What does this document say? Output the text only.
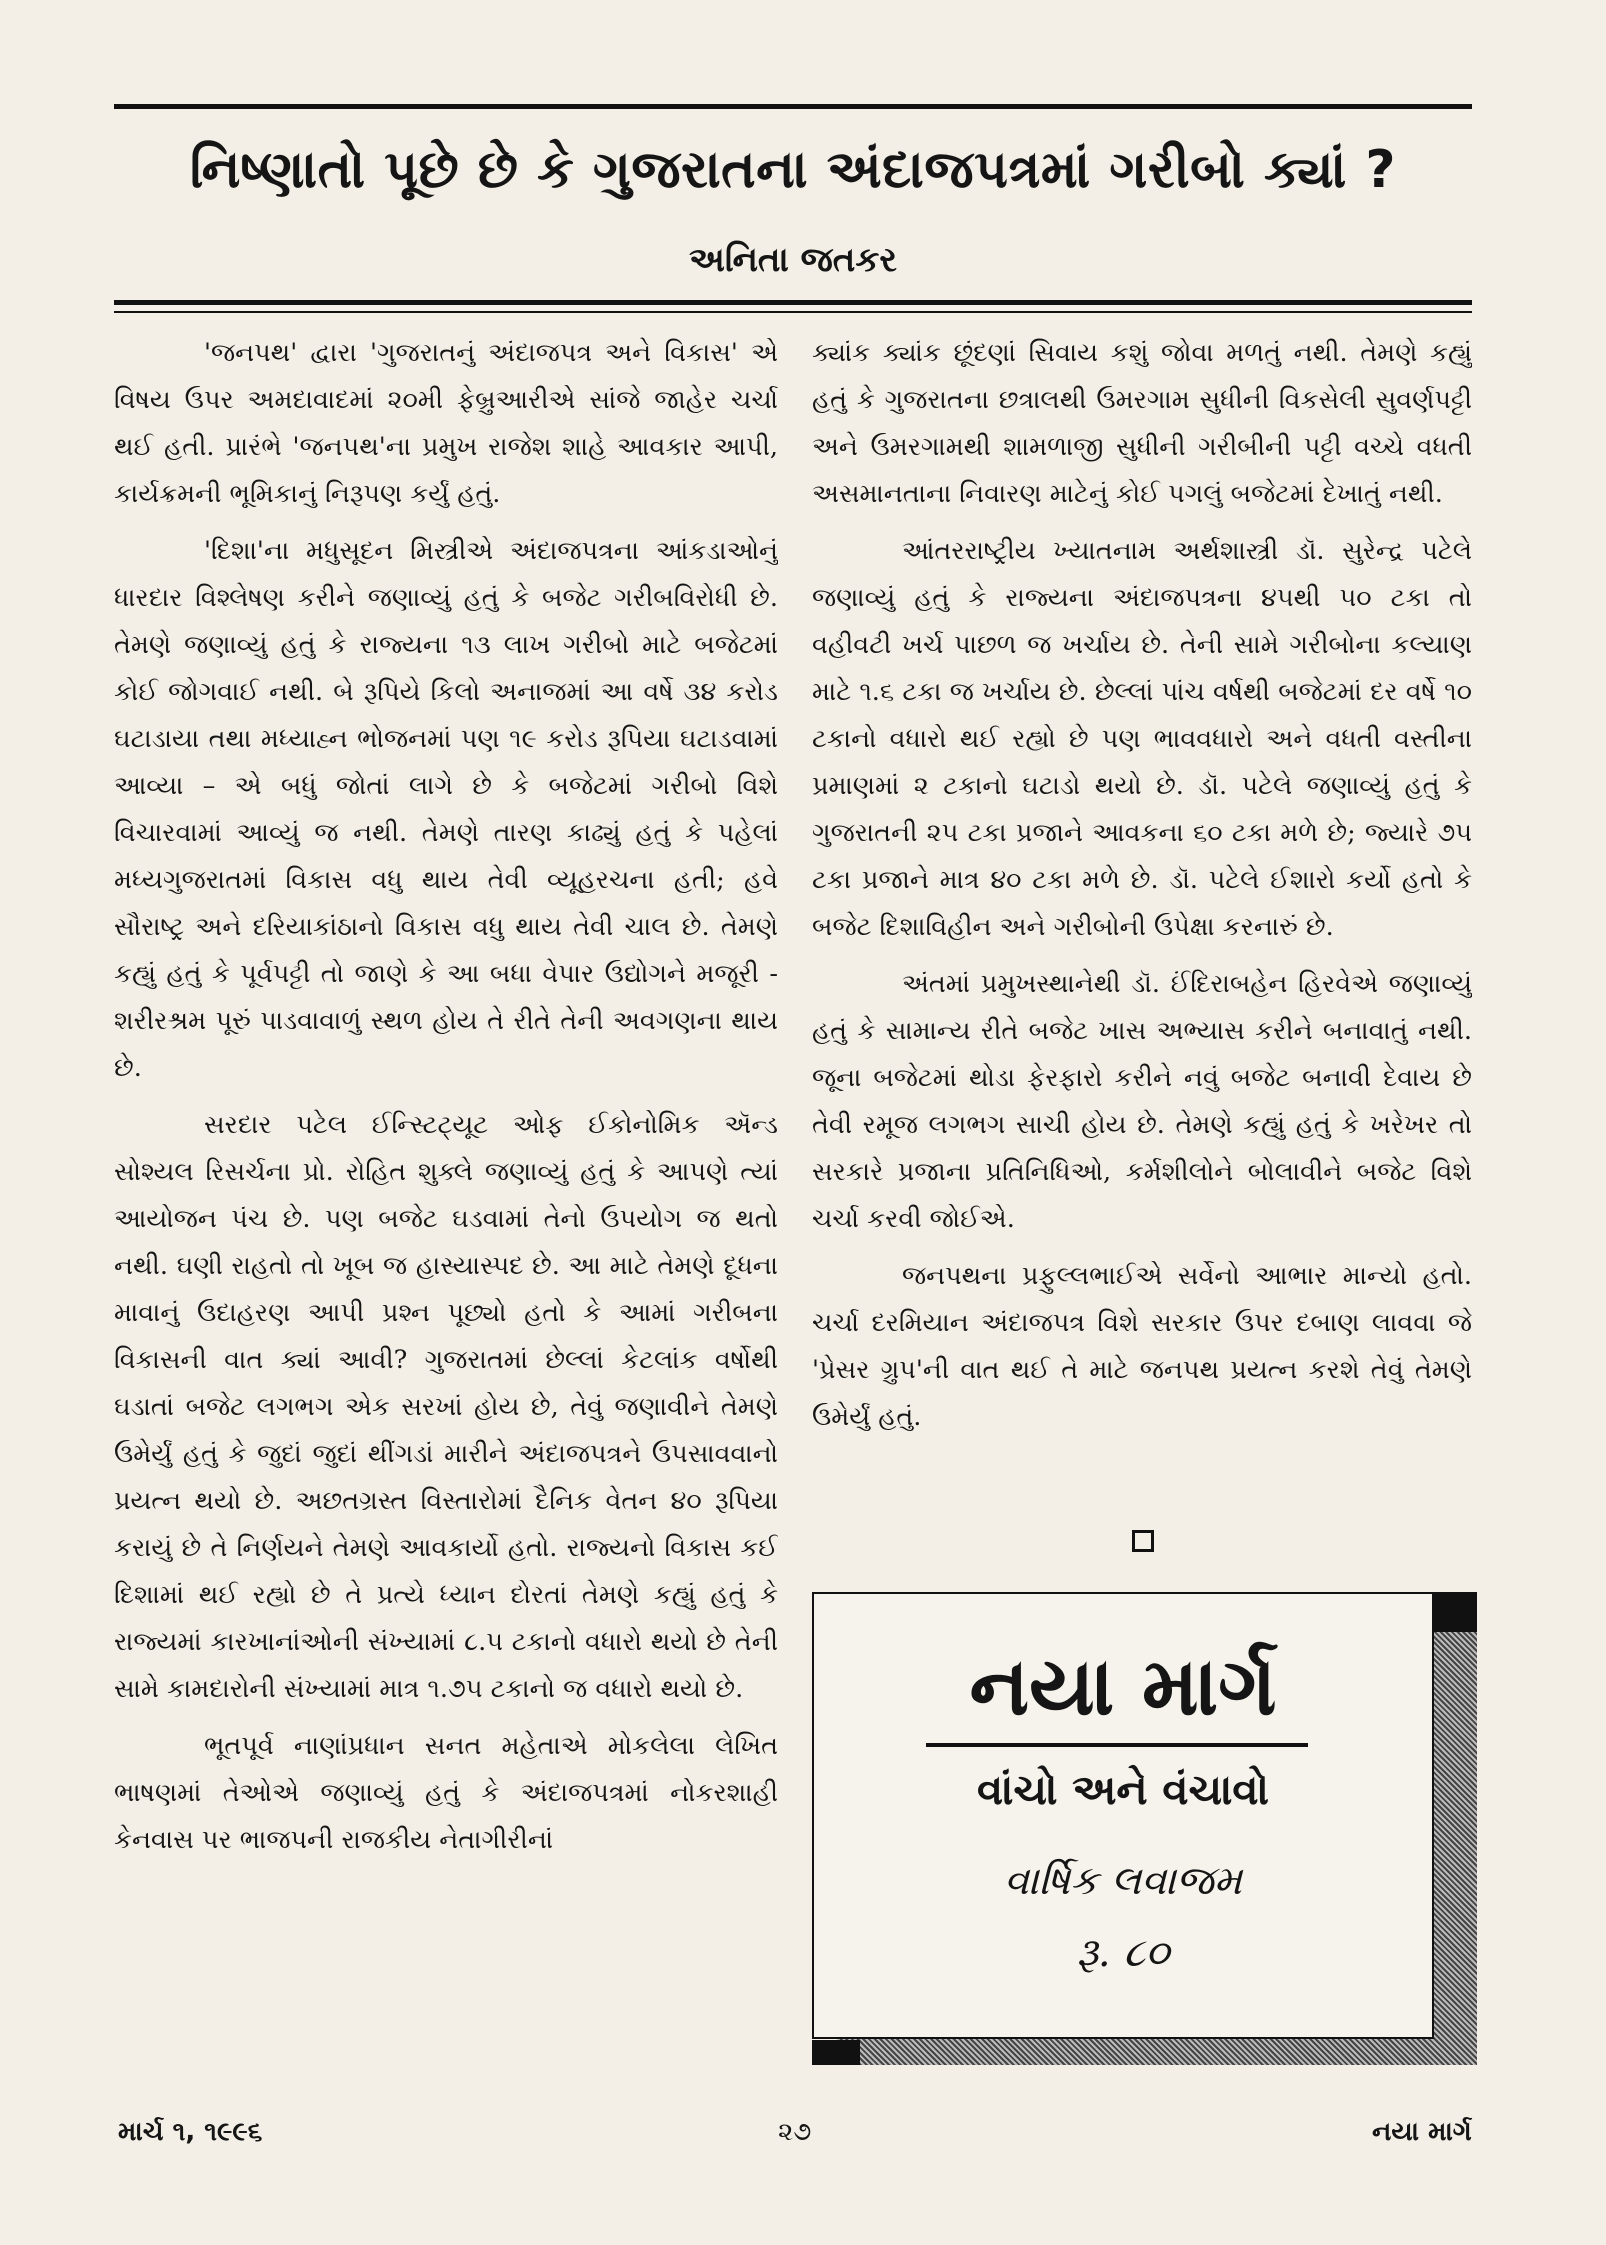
નિષ્ણાતો પૂછે છે કે ગુજરાતના અંદાજપત્રમાં ગરીબો ક્યાં ?
અનિતા જતકર

'જનપથ' દ્વારા 'ગુજરાતનું અંદાજપત્ર અને વિકાસ' એ વિષય ઉપર અમદાવાદમાં ૨૦મી ફેબ્રુઆરીએ સાંજે જાહેર ચર્ચા થઈ હતી. પ્રારંભે 'જનપથ'ના પ્રમુખ રાજેશ શાહે આવકાર આપી, કાર્યક્રમની ભૂમિકાનું નિરૂપણ કર્યું હતું.

'દિશા'ના મધુસૂદન મિસ્ત્રીએ અંદાજપત્રના આંકડાઓનું ધારદાર વિશ્લેષણ કરીને જણાવ્યું હતું કે બજેટ ગરીબવિરોધી છે. તેમણે જણાવ્યું હતું કે રાજ્યના ૧૩ લાખ ગરીબો માટે બજેટમાં કોઈ જોગવાઈ નથી. બે રૂપિયે કિલો અનાજમાં આ વર્ષે ૩૪ કરોડ ઘટાડાયા તથા મધ્યાહ્ન ભોજનમાં પણ ૧૯ કરોડ રૂપિયા ઘટાડવામાં આવ્યા – એ બધું જોતાં લાગે છે કે બજેટમાં ગરીબો વિશે વિચારવામાં આવ્યું જ નથી. તેમણે તારણ કાઢ્યું હતું કે પહેલાં મધ્યગુજરાતમાં વિકાસ વધુ થાય તેવી વ્યૂહરચના હતી; હવે સૌરાષ્ટ્ર અને દરિયાકાંઠાનો વિકાસ વધુ થાય તેવી ચાલ છે. તેમણે કહ્યું હતું કે પૂર્વપટ્ટી તો જાણે કે આ બધા વેપાર ઉદ્યોગને મજૂરી - શરીરશ્રમ પૂરું પાડવાવાળું સ્થળ હોય તે રીતે તેની અવગણના થાય છે.

સરદાર પટેલ ઈન્સ્ટિટ્યૂટ ઓફ ઈકોનોમિક ઍન્ડ સોશ્યલ રિસર્ચના પ્રો. રોહિત શુક્લે જણાવ્યું હતું કે આપણે ત્યાં આયોજન પંચ છે. પણ બજેટ ઘડવામાં તેનો ઉપયોગ જ થતો નથી. ઘણી રાહતો તો ખૂબ જ હાસ્યાસ્પદ છે. આ માટે તેમણે દૂધના માવાનું ઉદાહરણ આપી પ્રશ્ન પૂછ્યો હતો કે આમાં ગરીબના વિકાસની વાત ક્યાં આવી? ગુજરાતમાં છેલ્લાં કેટલાંક વર્ષોથી ઘડાતાં બજેટ લગભગ એક સરખાં હોય છે, તેવું જણાવીને તેમણે ઉમેર્યું હતું કે જુદાં જુદાં થીંગડાં મારીને અંદાજપત્રને ઉપસાવવાનો પ્રયત્ન થયો છે. અછતગ્રસ્ત વિસ્તારોમાં દૈનિક વેતન ૪૦ રૂપિયા કરાયું છે તે નિર્ણયને તેમણે આવકાર્યો હતો. રાજ્યનો વિકાસ કઈ દિશામાં થઈ રહ્યો છે તે પ્રત્યે ધ્યાન દોરતાં તેમણે કહ્યું હતું કે રાજ્યમાં કારખાનાંઓની સંખ્યામાં ૮.૫ ટકાનો વધારો થયો છે તેની સામે કામદારોની સંખ્યામાં માત્ર ૧.૭૫ ટકાનો જ વધારો થયો છે.

ભૂતપૂર્વ નાણાંપ્રધાન સનત મહેતાએ મોકલેલા લેખિત ભાષણમાં તેઓએ જણાવ્યું હતું કે અંદાજપત્રમાં નોકરશાહી કેનવાસ પર ભાજપની રાજકીય નેતાગીરીનાં

ક્યાંક ક્યાંક છૂંદણાં સિવાય કશું જોવા મળતું નથી. તેમણે કહ્યું હતું કે ગુજરાતના છત્રાલથી ઉમરગામ સુધીની વિકસેલી સુવર્ણપટ્ટી અને ઉમરગામથી શામળાજી સુધીની ગરીબીની પટ્ટી વચ્ચે વધતી અસમાનતાના નિવારણ માટેનું કોઈ પગલું બજેટમાં દેખાતું નથી.

આંતરરાષ્ટ્રીય ખ્યાતનામ અર્થશાસ્ત્રી ડૉ. સુરેન્દ્ર પટેલે જણાવ્યું હતું કે રાજ્યના અંદાજપત્રના ૪૫થી ૫૦ ટકા તો વહીવટી ખર્ચ પાછળ જ ખર્ચાય છે. તેની સામે ગરીબોના કલ્યાણ માટે ૧.૬ ટકા જ ખર્ચાય છે. છેલ્લાં પાંચ વર્ષથી બજેટમાં દર વર્ષે ૧૦ ટકાનો વધારો થઈ રહ્યો છે પણ ભાવવધારો અને વધતી વસ્તીના પ્રમાણમાં ૨ ટકાનો ઘટાડો થયો છે. ડૉ. પટેલે જણાવ્યું હતું કે ગુજરાતની ૨૫ ટકા પ્રજાને આવકના ૬૦ ટકા મળે છે; જ્યારે ૭૫ ટકા પ્રજાને માત્ર ૪૦ ટકા મળે છે. ડૉ. પટેલે ઈશારો કર્યો હતો કે બજેટ દિશાવિહીન અને ગરીબોની ઉપેક્ષા કરનારું છે.

અંતમાં પ્રમુખસ્થાનેથી ડૉ. ઈંદિરાબહેન હિરવેએ જણાવ્યું હતું કે સામાન્ય રીતે બજેટ ખાસ અભ્યાસ કરીને બનાવાતું નથી. જૂના બજેટમાં થોડા ફેરફારો કરીને નવું બજેટ બનાવી દેવાય છે તેવી રમૂજ લગભગ સાચી હોય છે. તેમણે કહ્યું હતું કે ખરેખર તો સરકારે પ્રજાના પ્રતિનિધિઓ, કર્મશીલોને બોલાવીને બજેટ વિશે ચર્ચા કરવી જોઈએ.

જનપથના પ્રફુલ્લભાઈએ સર્વેનો આભાર માન્યો હતો. ચર્ચા દરમિયાન અંદાજપત્ર વિશે સરકાર ઉપર દબાણ લાવવા જે 'પ્રેસર ગ્રુપ'ની વાત થઈ તે માટે જનપથ પ્રયત્ન કરશે તેવું તેમણે ઉમેર્યું હતું.

નયા માર્ગ
વાંચો અને વંચાવો
વાર્ષિક લવાજમ
રૂ. ૮૦
માર્ચ ૧, ૧૯૯૬	૨૭	નયા માર્ગ
